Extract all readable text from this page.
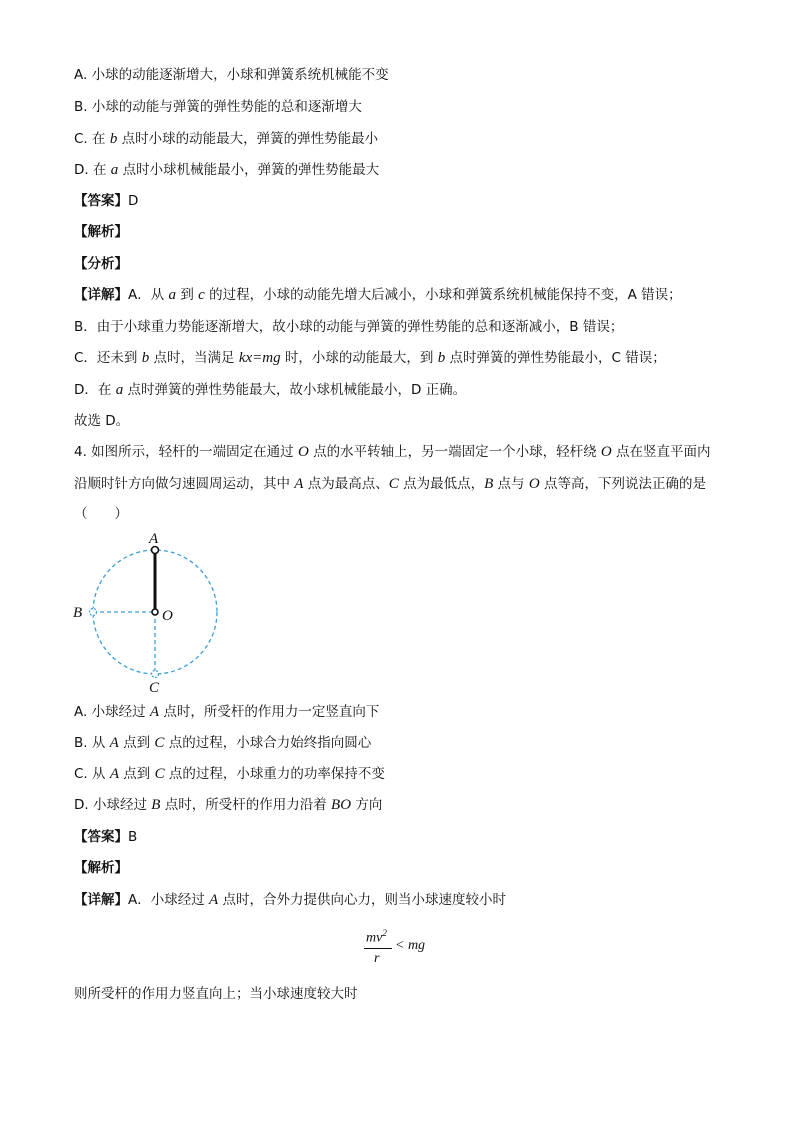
A. 小球的动能逐渐增大，小球和弹簧系统机械能不变
B. 小球的动能与弹簧的弹性势能的总和逐渐增大
C. 在 b 点时小球的动能最大，弹簧的弹性势能最小
D. 在 a 点时小球机械能最小，弹簧的弹性势能最大
【答案】D
【解析】
【分析】
【详解】A．从 a 到 c 的过程，小球的动能先增大后减小，小球和弹簧系统机械能保持不变，A 错误；
B．由于小球重力势能逐渐增大，故小球的动能与弹簧的弹性势能的总和逐渐减小，B 错误；
C．还未到 b 点时，当满足 kx=mg 时，小球的动能最大，到 b 点时弹簧的弹性势能最小，C 错误；
D．在 a 点时弹簧的弹性势能最大，故小球机械能最小，D 正确。
故选 D。
4. 如图所示，轻杆的一端固定在通过 O 点的水平转轴上，另一端固定一个小球，轻杆绕 O 点在竖直平面内
沿顺时针方向做匀速圆周运动，其中 A 点为最高点、C 点为最低点，B 点与 O 点等高，下列说法正确的是
（　　）
A
B	O
C
A. 小球经过 A 点时，所受杆的作用力一定竖直向下
B. 从 A 点到 C 点的过程，小球合力始终指向圆心
C. 从 A 点到 C 点的过程，小球重力的功率保持不变
D. 小球经过 B 点时，所受杆的作用力沿着 BO 方向
【答案】B
【解析】
【详解】A．小球经过 A 点时，合外力提供向心力，则当小球速度较小时
$mv^2$
r
< mg
则所受杆的作用力竖直向上；当小球速度较大时
